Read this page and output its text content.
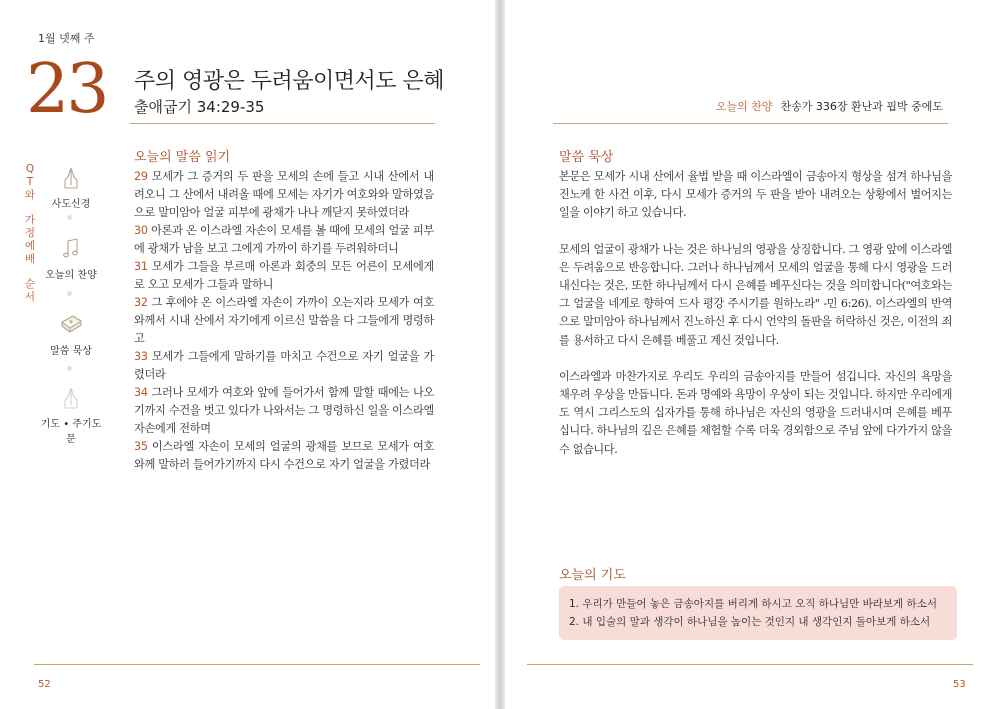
1월 넷째 주
23 주의 영광은 두려움이면서도 은혜
출애굽기 34:29-35
Q
T
와
가
정
예
배
순
서
사도신경
오늘의 찬양
말씀 묵상
기도 • 주기도문
오늘의 말씀 읽기
29 모세가 그 증거의 두 판을 모세의 손에 들고 시내 산에서 내려오니 그 산에서 내려올 때에 모세는 자기가 여호와와 말하였음으로 말미암아 얼굴 피부에 광채가 나나 깨닫지 못하였더라
30 아론과 온 이스라엘 자손이 모세를 볼 때에 모세의 얼굴 피부에 광채가 남을 보고 그에게 가까이 하기를 두려워하더니
31 모세가 그들을 부르매 아론과 회중의 모든 어른이 모세에게로 오고 모세가 그들과 말하니
32 그 후에야 온 이스라엘 자손이 가까이 오는지라 모세가 여호와께서 시내 산에서 자기에게 이르신 말씀을 다 그들에게 명령하고
33 모세가 그들에게 말하기를 마치고 수건으로 자기 얼굴을 가렸더라
34 그러나 모세가 여호와 앞에 들어가서 함께 말할 때에는 나오기까지 수건을 벗고 있다가 나와서는 그 명령하신 일을 이스라엘 자손에게 전하며
35 이스라엘 자손이 모세의 얼굴의 광채를 보므로 모세가 여호와께 말하러 들어가기까지 다시 수건으로 자기 얼굴을 가렸더라
52
오늘의 찬양 찬송가 336장 환난과 핍박 중에도
말씀 묵상

본문은 모세가 시내 산에서 율법 받을 때 이스라엘이 금송아지 형상을 섬겨 하나님을 진노케 한 사건 이후, 다시 모세가 증거의 두 판을 받아 내려오는 상황에서 벌어지는 일을 이야기 하고 있습니다.

모세의 얼굴이 광채가 나는 것은 하나님의 영광을 상징합니다. 그 영광 앞에 이스라엘은 두려움으로 반응합니다. 그러나 하나님께서 모세의 얼굴을 통해 다시 영광을 드러내신다는 것은, 또한 하나님께서 다시 은혜를 베푸신다는 것을 의미합니다("여호와는 그 얼굴을 네게로 향하여 드사 평강 주시기를 원하노라" -민 6:26). 이스라엘의 반역으로 말미암아 하나님께서 진노하신 후 다시 언약의 돌판을 허락하신 것은, 이전의 죄를 용서하고 다시 은혜를 베풀고 계신 것입니다.

이스라엘과 마찬가지로 우리도 우리의 금송아지를 만들어 섬깁니다. 자신의 욕망을 채우려 우상을 만듭니다. 돈과 명예와 욕망이 우상이 되는 것입니다. 하지만 우리에게도 역시 그리스도의 십자가를 통해 하나님은 자신의 영광을 드러내시며 은혜를 베푸십니다. 하나님의 깊은 은혜를 체험할 수록 더욱 경외함으로 주님 앞에 다가가지 않을 수 없습니다.

오늘의 기도
1. 우리가 만들어 놓은 금송아지를 버리게 하시고 오직 하나님만 바라보게 하소서
2. 내 입술의 말과 생각이 하나님을 높이는 것인지 내 생각인지 돌아보게 하소서
53
